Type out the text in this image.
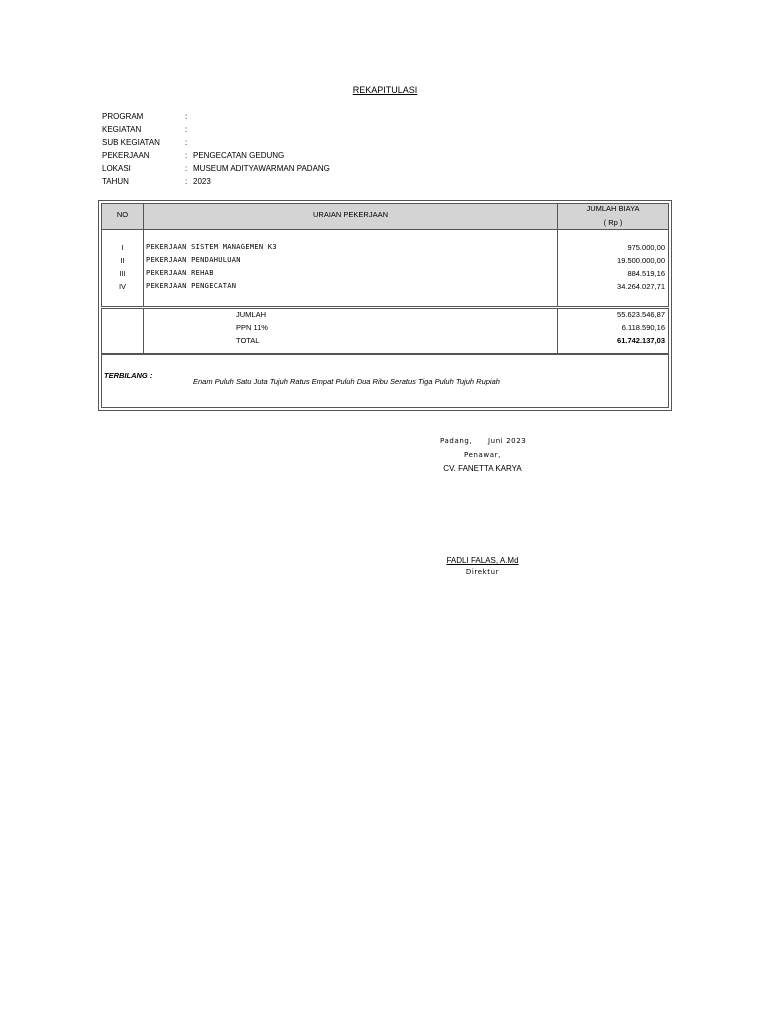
REKAPITULASI
PROGRAM	:
KEGIATAN	:
SUB KEGIATAN	:
PEKERJAAN	: PENGECATAN GEDUNG
LOKASI	: MUSEUM ADITYAWARMAN PADANG
TAHUN	: 2023
NO	URAIAN PEKERJAAN
JUMLAH BIAYA
( Rp )
I	PEKERJAAN SISTEM MANAGEMEN K3	975.000,00
II	PEKERJAAN PENDAHULUAN	19.500.000,00
III	PEKERJAAN REHAB	884.519,16
IV	PEKERJAAN PENGECATAN	34.264.027,71
JUMLAH	55.623.546,87
PPN 11%	6.118.590,16
TOTAL	61.742.137,03
TERBILANG :
Enam Puluh Satu Juta Tujuh Ratus Empat Puluh Dua Ribu Seratus Tiga Puluh Tujuh Rupiah
Padang, Juni 2023
Penawar,
CV. FANETTA KARYA
FADLI FALAS, A.Md
Direktur
